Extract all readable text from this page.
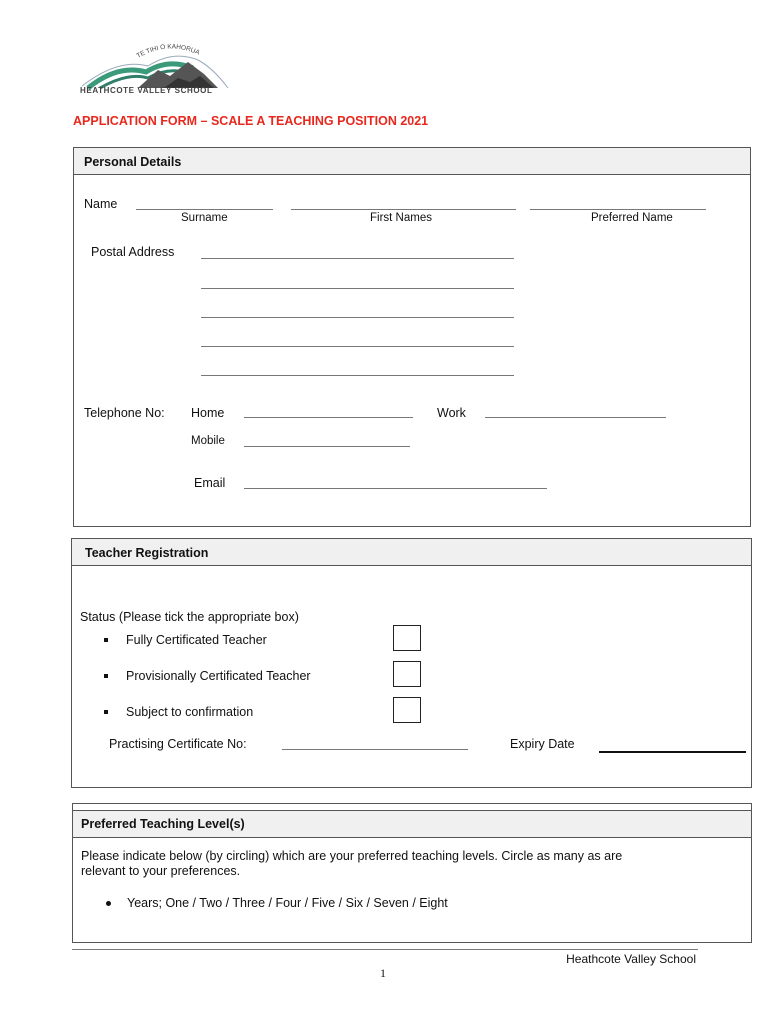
TE TIHI O KAHORUA
HEATHCOTE VALLEY SCHOOL
APPLICATION FORM – SCALE A TEACHING POSITION 2021
Personal Details
Name
Surname	First Names	Preferred Name
Postal Address
Telephone No: Home	Work
Mobile
Email
Teacher Registration
Status (Please tick the appropriate box)
Fully Certificated Teacher
Provisionally Certificated Teacher
Subject to confirmation
Practising Certificate No:	Expiry Date
Preferred Teaching Level(s)
Please indicate below (by circling) which are your preferred teaching levels. Circle as many as are
relevant to your preferences.
Years; One / Two / Three / Four / Five / Six / Seven / Eight
Heathcote Valley School
1
